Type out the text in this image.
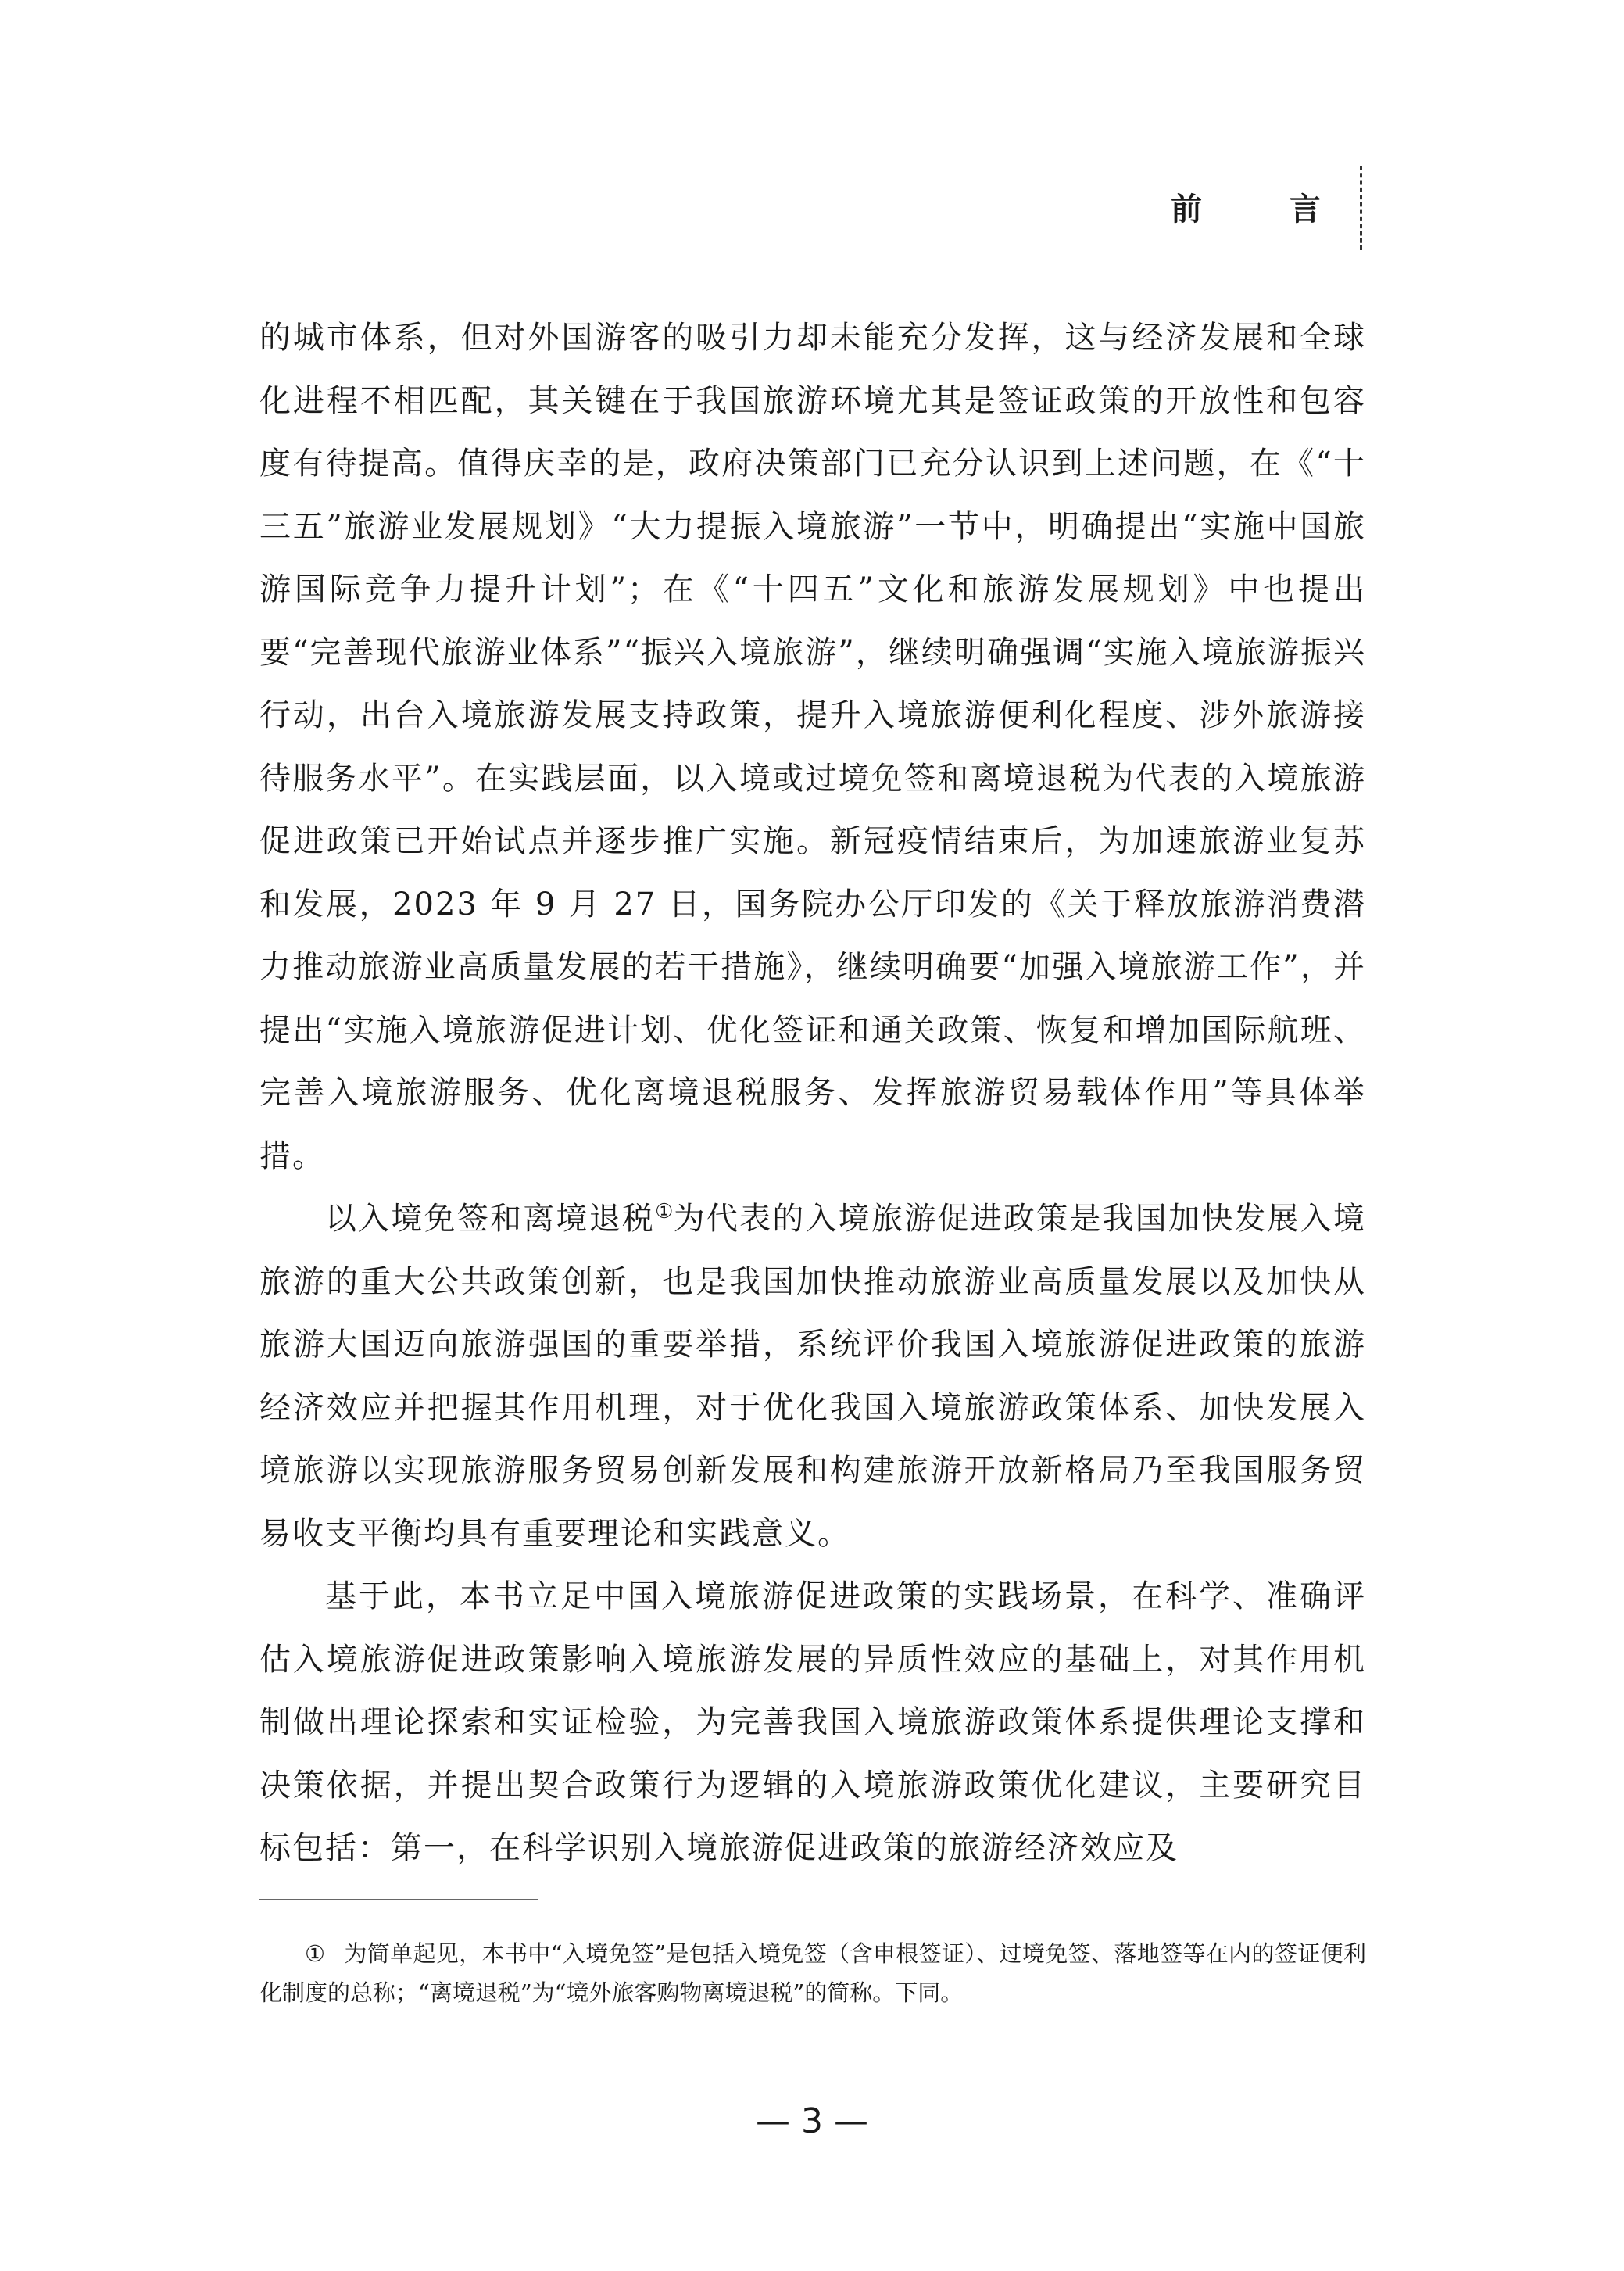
前　言

的城市体系，但对外国游客的吸引力却未能充分发挥，这与经济发展和全球化进程不相匹配，其关键在于我国旅游环境尤其是签证政策的开放性和包容度有待提高。值得庆幸的是，政府决策部门已充分认识到上述问题，在《“十三五”旅游业发展规划》“大力提振入境旅游”一节中，明确提出“实施中国旅游国际竞争力提升计划”；在《“十四五”文化和旅游发展规划》中也提出要“完善现代旅游业体系”“振兴入境旅游”，继续明确强调“实施入境旅游振兴行动，出台入境旅游发展支持政策，提升入境旅游便利化程度、涉外旅游接待服务水平”。在实践层面，以入境或过境免签和离境退税为代表的入境旅游促进政策已开始试点并逐步推广实施。新冠疫情结束后，为加速旅游业复苏和发展，2023 年 9 月 27 日，国务院办公厅印发的《关于释放旅游消费潜力推动旅游业高质量发展的若干措施》，继续明确要“加强入境旅游工作”，并提出“实施入境旅游促进计划、优化签证和通关政策、恢复和增加国际航班、完善入境旅游服务、优化离境退税服务、发挥旅游贸易载体作用”等具体举措。

以入境免签和离境退税①为代表的入境旅游促进政策是我国加快发展入境旅游的重大公共政策创新，也是我国加快推动旅游业高质量发展以及加快从旅游大国迈向旅游强国的重要举措，系统评价我国入境旅游促进政策的旅游经济效应并把握其作用机理，对于优化我国入境旅游政策体系、加快发展入境旅游以实现旅游服务贸易创新发展和构建旅游开放新格局乃至我国服务贸易收支平衡均具有重要理论和实践意义。

基于此，本书立足中国入境旅游促进政策的实践场景，在科学、准确评估入境旅游促进政策影响入境旅游发展的异质性效应的基础上，对其作用机制做出理论探索和实证检验，为完善我国入境旅游政策体系提供理论支撑和决策依据，并提出契合政策行为逻辑的入境旅游政策优化建议，主要研究目标包括：第一，在科学识别入境旅游促进政策的旅游经济效应及

① 为简单起见，本书中“入境免签”是包括入境免签（含申根签证）、过境免签、落地签等在内的签证便利化制度的总称；“离境退税”为“境外旅客购物离境退税”的简称。下同。

— 3 —
